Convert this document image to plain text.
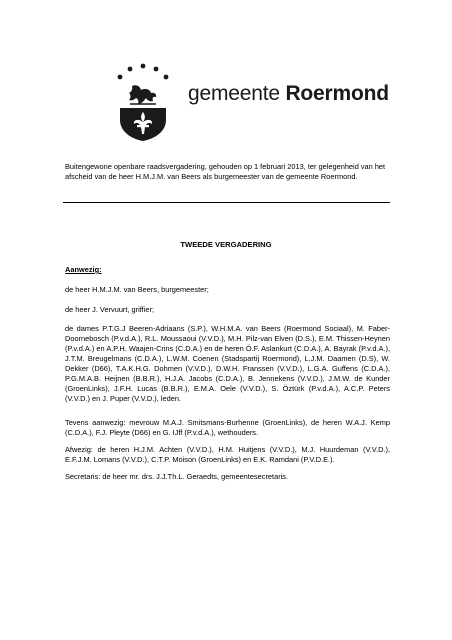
gemeente Roermond
Buitengewone openbare raadsvergadering, gehouden op 1 februari 2013, ter gelegenheid van het afscheid van de heer H.M.J.M. van Beers als burgemeester van de gemeente Roermond.
TWEEDE VERGADERING
Aanwezig:

de heer H.M.J.M. van Beers, burgemeester;

de heer J. Vervuurt, griffier;

de dames P.T.G.J Beeren-Adriaans (S.P.), W.H.M.A. van Beers (Roermond Sociaal), M. Faber-Doornebosch (P.v.d.A.), R.L. Moussaoui (V.V.D.), M.H. Pilz-van Elven (D.S.), E.M. Thissen-Heynen (P.v.d.A.) en A.P.H. Waajen-Crins (C.D.A.) en de heren Ö.F. Aslankurt (C.D.A.), A. Bayrak (P.v.d.A.), J.T.M. Breugelmans (C.D.A.), L.W.M. Coenen (Stadspartij Roermond), L.J.M. Daamen (D.S), W. Dekker (D66), T.A.K.H.G. Dohmen (V.V.D.), D.W.H. Franssen (V.V.D.), L.G.A. Guffens (C.D.A.), P.G.M.A.B. Heijnen (B.B.R.), H.J.A. Jacobs (C.D.A.), B. Jennekens (V.V.D.), J.M.W. de Kunder (GroenLinks), J.F.H. Lucas (B.B.R.), E.M.A. Oele (V.V.D.), S. Öztürk (P.v.d.A.), A.C.P. Peters (V.V.D.) en J. Puper (V.V.D.), leden.

Tevens aanwezig: mevrouw M.A.J. Smitsmans-Burhenne (GroenLinks), de heren W.A.J. Kemp (C.D.A.), F.J. Pleyte (D66) en G. IJff (P.v.d.A.), wethouders.

Afwezig: de heren H.J.M. Achten (V.V.D.), H.M. Huitjens (V.V.D.), M.J. Huurdeman (V.V.D.), E.F.J.M. Lomans (V.V.D.), C.T.P. Moison (GroenLinks) en E.K. Ramdani (P.V.D.E.).

Secretaris: de heer mr. drs. J.J.Th.L. Geraedts, gemeentesecretaris.
